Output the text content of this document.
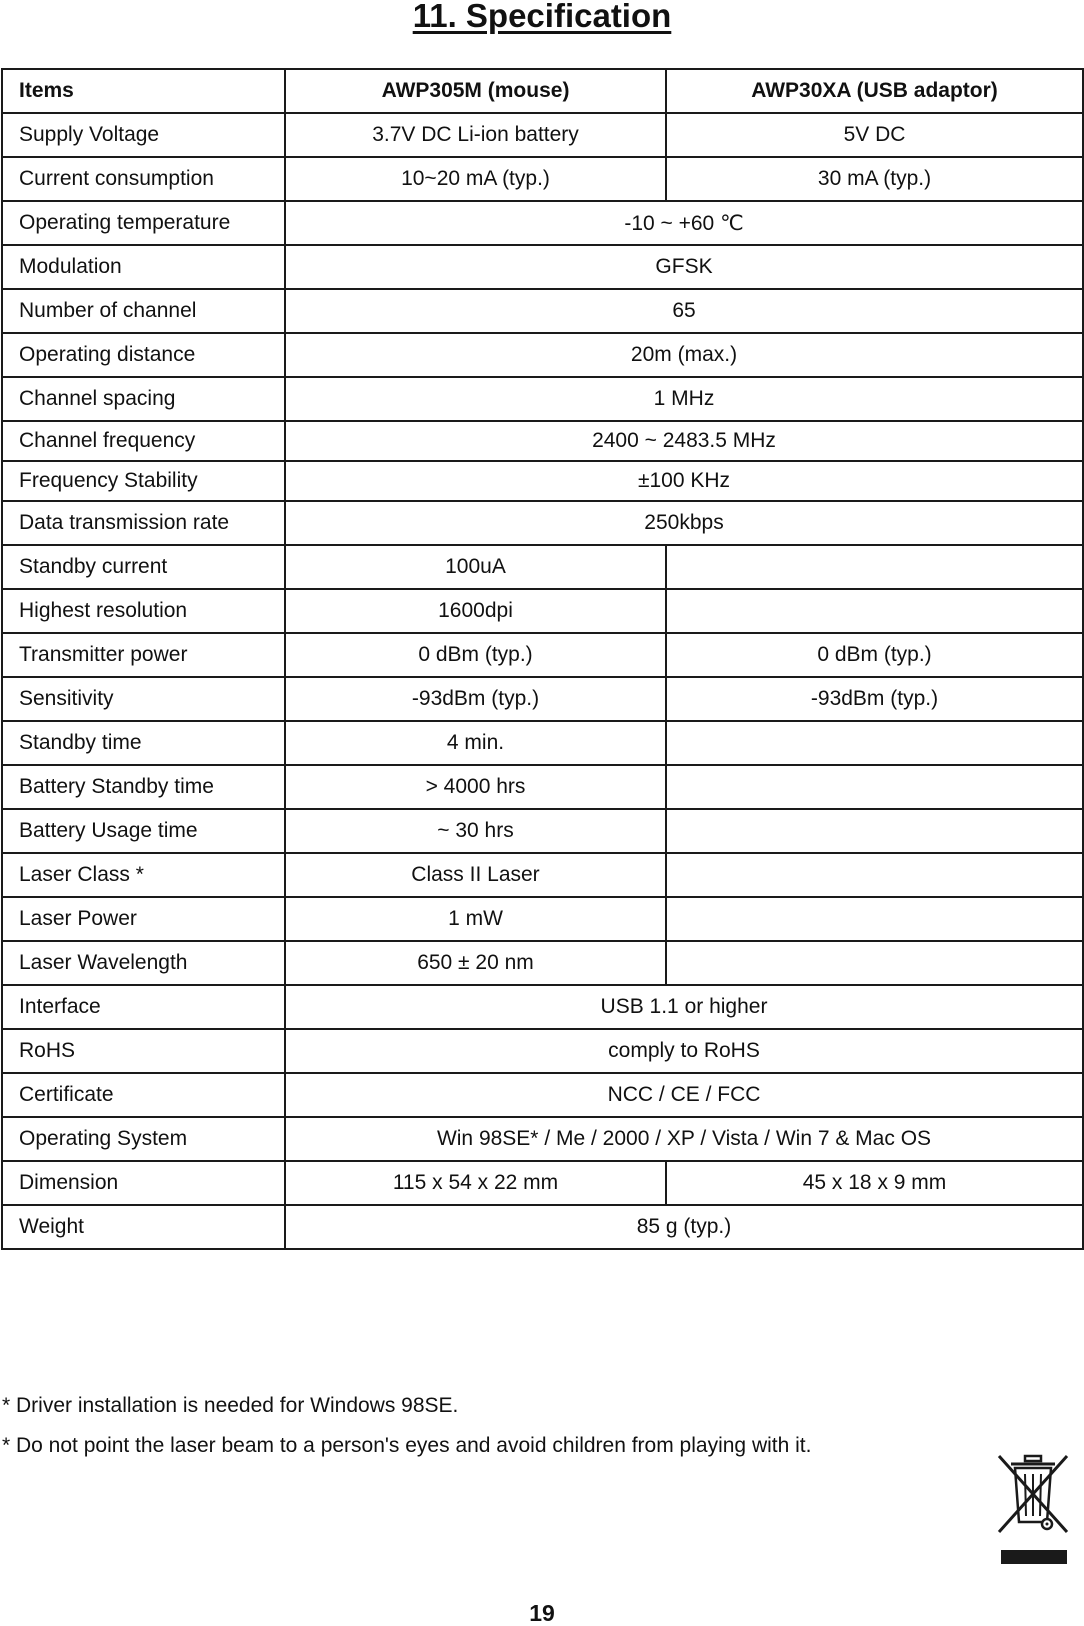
11. Specification
Items	AWP305M (mouse)	AWP30XA (USB adaptor)
Supply Voltage	3.7V DC Li-ion battery	5V DC
Current consumption	10~20 mA (typ.)	30 mA (typ.)
Operating temperature	-10 ~ +60 ℃	
Modulation	GFSK	
Number of channel	65	
Operating distance	20m (max.)	
Channel spacing	1 MHz	
Channel frequency	2400 ~ 2483.5 MHz	
Frequency Stability	±100 KHz	
Data transmission rate	250kbps	
Standby current	100uA	
Highest resolution	1600dpi	
Transmitter power	0 dBm (typ.)	0 dBm (typ.)
Sensitivity	-93dBm (typ.)	-93dBm (typ.)
Standby time	4 min.	
Battery Standby time	> 4000 hrs	
Battery Usage time	~ 30 hrs	
Laser Class *	Class II Laser	
Laser Power	1 mW	
Laser Wavelength	650 ± 20 nm	
Interface	USB 1.1 or higher	
RoHS	comply to RoHS	
Certificate	NCC / CE / FCC	
Operating System	Win 98SE* / Me / 2000 / XP / Vista / Win 7 & Mac OS	
Dimension	115 x 54 x 22 mm	45 x 18 x 9 mm
Weight	85 g (typ.)	
* Driver installation is needed for Windows 98SE.
* Do not point the laser beam to a person's eyes and avoid children from playing with it.
19
